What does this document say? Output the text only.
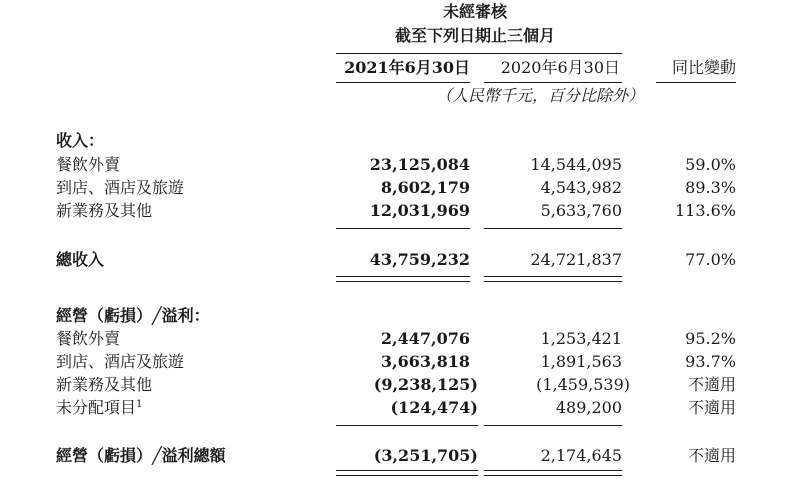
未經審核
截至下列日期止三個月
2021年6月30日	2020年6月30日	同比變動
（人民幣千元，百分比除外）
收入：
餐飲外賣	23,125,084	14,544,095	59.0%
到店、酒店及旅遊	8,602,179	4,543,982	89.3%
新業務及其他	12,031,969	5,633,760	113.6%
總收入	43,759,232	24,721,837	77.0%
經營（虧損）╱溢利：
餐飲外賣	2,447,076	1,253,421	95.2%
到店、酒店及旅遊	3,663,818	1,891,563	93.7%
新業務及其他	(9,238,125)	(1,459,539)	不適用
未分配項目$^1$	(124,474)	489,200	不適用
經營（虧損）╱溢利總額	(3,251,705)	2,174,645	不適用
